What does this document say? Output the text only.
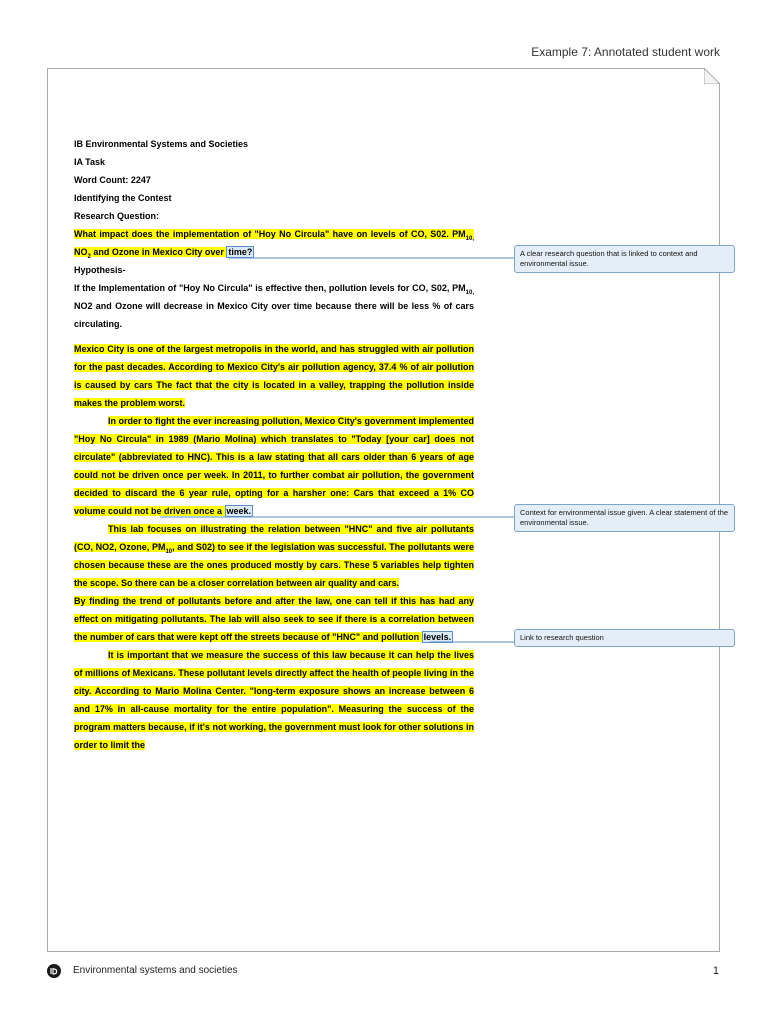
Example 7: Annotated student work

IB Environmental Systems and Societies

IA Task

Word Count: 2247

Identifying the Contest

Research Question:

What impact does the implementation of "Hoy No Circula" have on levels of CO, S02. $PM_{10,}$ $NO_2$ and Ozone in Mexico City over time?

Hypothesis-

If the Implementation of "Hoy No Circula" is effective then, pollution levels for CO, S02, $PM_{10,}$ NO2 and Ozone will decrease in Mexico City over time because there will be less % of cars circulating.

Mexico City is one of the largest metropolis in the world, and has struggled with air pollution for the past decades. According to Mexico City's air pollution agency, 37.4 % of air pollution is caused by cars The fact that the city is located in a valley, trapping the pollution inside makes the problem worst.

In order to fight the ever increasing pollution, Mexico City's government implemented "Hoy No Circula" in 1989 (Mario Molina) which translates to "Today [your car] does not circulate" (abbreviated to HNC). This is a law stating that all cars older than 6 years of age could not be driven once per week. In 2011, to further combat air pollution, the government decided to discard the 6 year rule, opting for a harsher one: Cars that exceed a 1% CO volume could not be driven once a week.

This lab focuses on illustrating the relation between "HNC" and five air pollutants (CO, NO2, Ozone, $PM_{10}$, and S02) to see if the legislation was successful. The pollutants were chosen because these are the ones produced mostly by cars. These 5 variables help tighten the scope. So there can be a closer correlation between air quality and cars.

By finding the trend of pollutants before and after the law, one can tell if this has had any effect on mitigating pollutants. The lab will also seek to see if there is a correlation between the number of cars that were kept off the streets because of "HNC" and pollution levels.

It is important that we measure the success of this law because it can help the lives of millions of Mexicans. These pollutant levels directly affect the health of people living in the city. According to Mario Molina Center. "long-term exposure shows an increase between 6 and 17% in all-cause mortality for the entire population". Measuring the success of the program matters because, if it's not working, the government must look for other solutions in order to limit the

A clear research question that is linked to context and environmental issue.
Context for environmental issue given. A clear statement of the environmental issue.
Link to research question
Environmental systems and societies	1
